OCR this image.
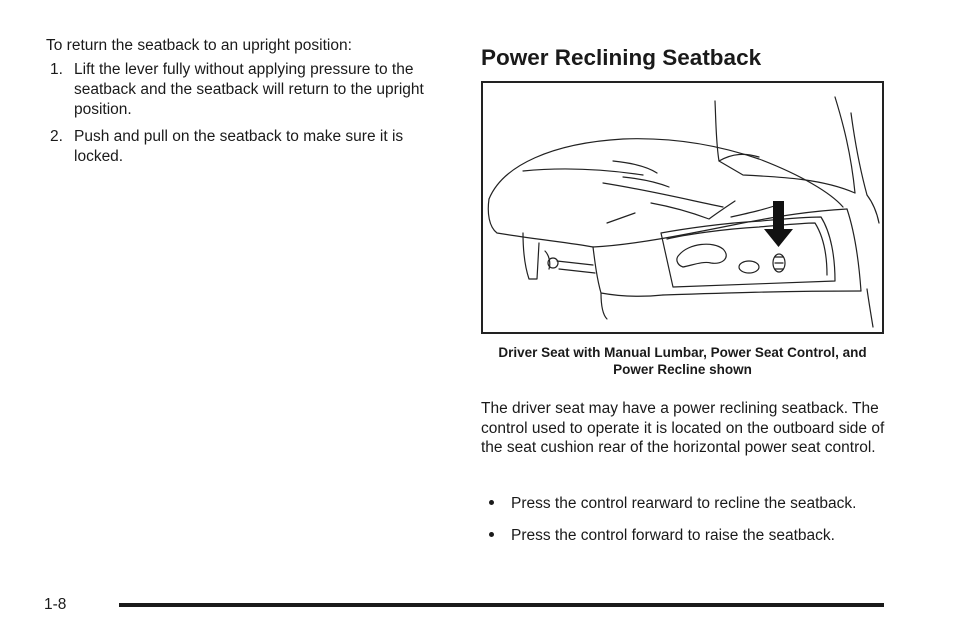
To return the seatback to an upright position:

1. Lift the lever fully without applying pressure to the seatback and the seatback will return to the upright position.
2. Push and pull on the seatback to make sure it is locked.
Power Reclining Seatback
Driver Seat with Manual Lumbar, Power Seat Control, and Power Recline shown

The driver seat may have a power reclining seatback. The control used to operate it is located on the outboard side of the seat cushion rear of the horizontal power seat control.

Press the control rearward to recline the seatback.
Press the control forward to raise the seatback.
1-8
